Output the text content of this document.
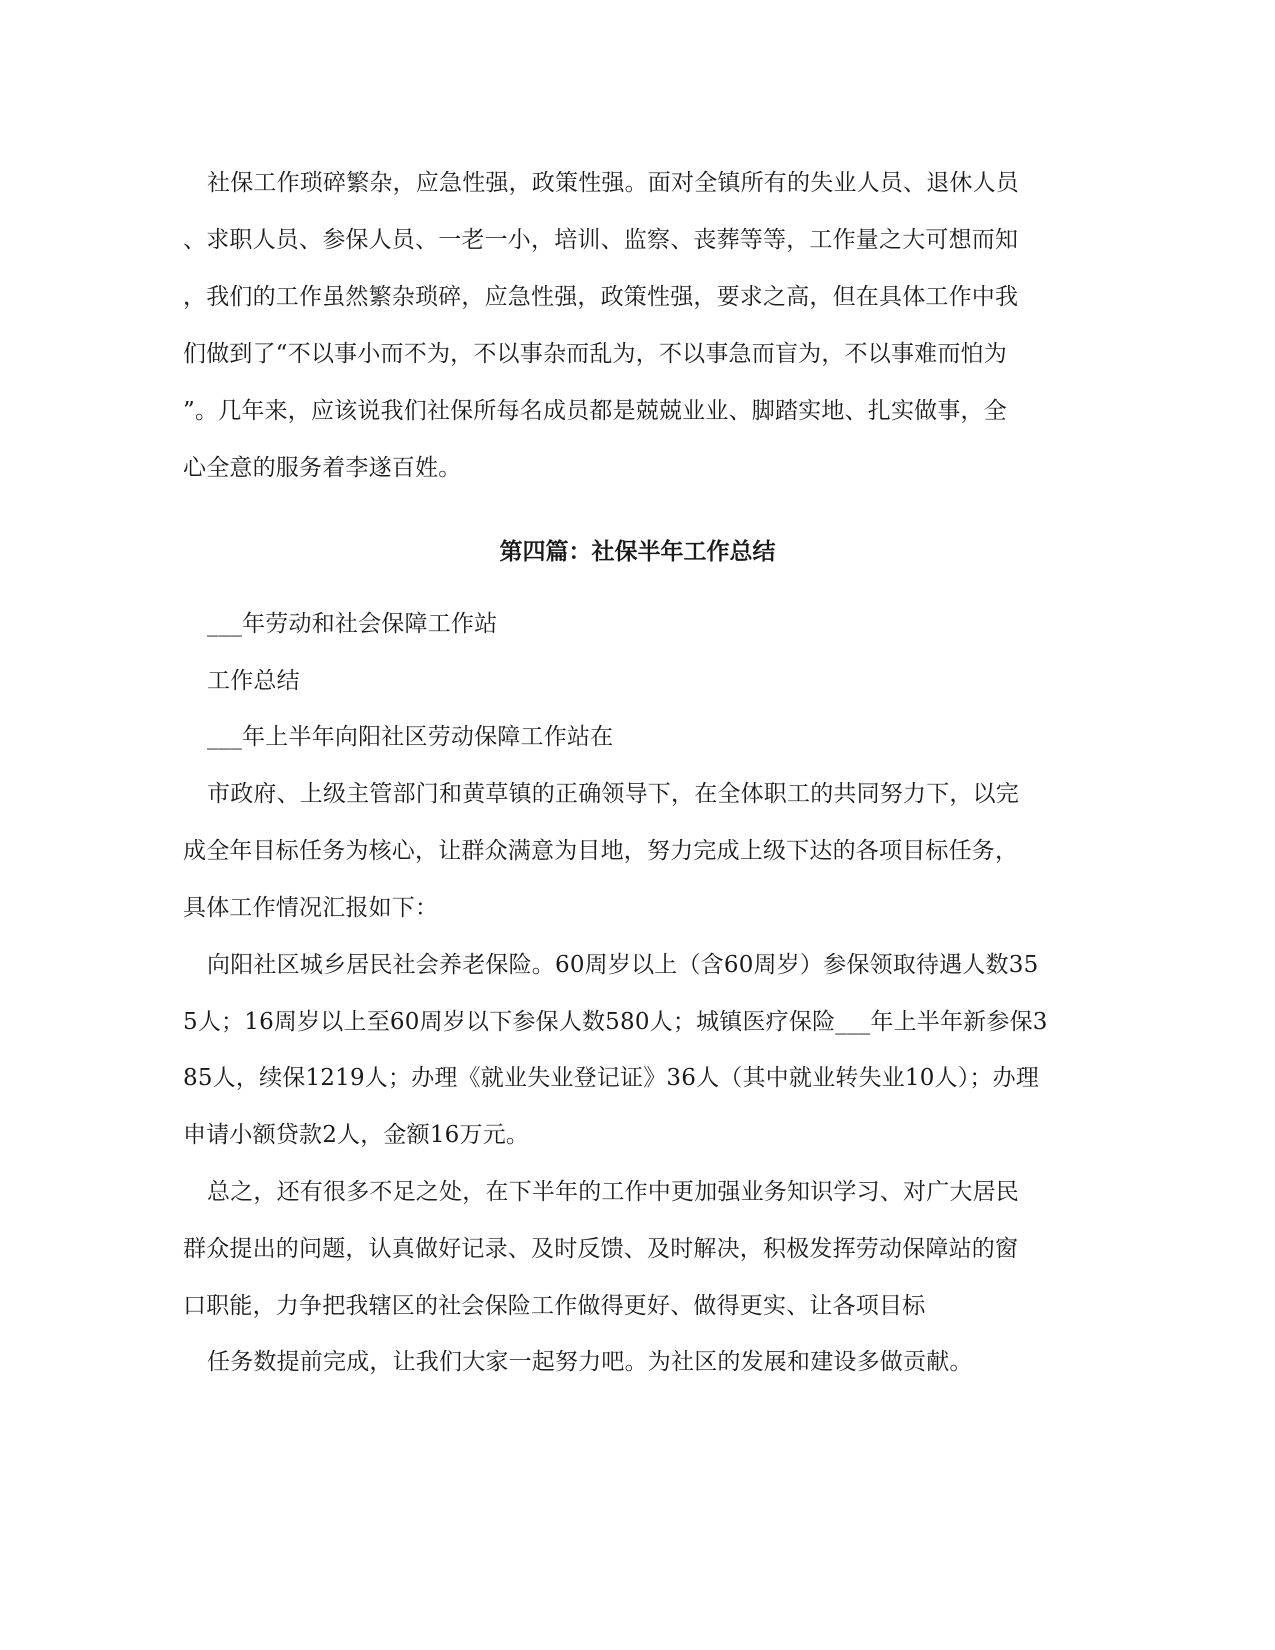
社保工作琐碎繁杂，应急性强，政策性强。面对全镇所有的失业人员、退休人员
、求职人员、参保人员、一老一小，培训、监察、丧葬等等，工作量之大可想而知
，我们的工作虽然繁杂琐碎，应急性强，政策性强，要求之高，但在具体工作中我
们做到了“不以事小而不为，不以事杂而乱为，不以事急而盲为，不以事难而怕为
”。几年来，应该说我们社保所每名成员都是兢兢业业、脚踏实地、扎实做事，全
心全意的服务着李遂百姓。
第四篇：社保半年工作总结
___年劳动和社会保障工作站
工作总结
___年上半年向阳社区劳动保障工作站在
市政府、上级主管部门和黄草镇的正确领导下，在全体职工的共同努力下，以完
成全年目标任务为核心，让群众满意为目地，努力完成上级下达的各项目标任务，
具体工作情况汇报如下：
向阳社区城乡居民社会养老保险。60周岁以上（含60周岁）参保领取待遇人数35
5人；16周岁以上至60周岁以下参保人数580人；城镇医疗保险___年上半年新参保3
85人，续保1219人；办理《就业失业登记证》36人（其中就业转失业10人）；办理
申请小额贷款2人，金额16万元。
总之，还有很多不足之处，在下半年的工作中更加强业务知识学习、对广大居民
群众提出的问题，认真做好记录、及时反馈、及时解决，积极发挥劳动保障站的窗
口职能，力争把我辖区的社会保险工作做得更好、做得更实、让各项目标
任务数提前完成，让我们大家一起努力吧。为社区的发展和建设多做贡献。
